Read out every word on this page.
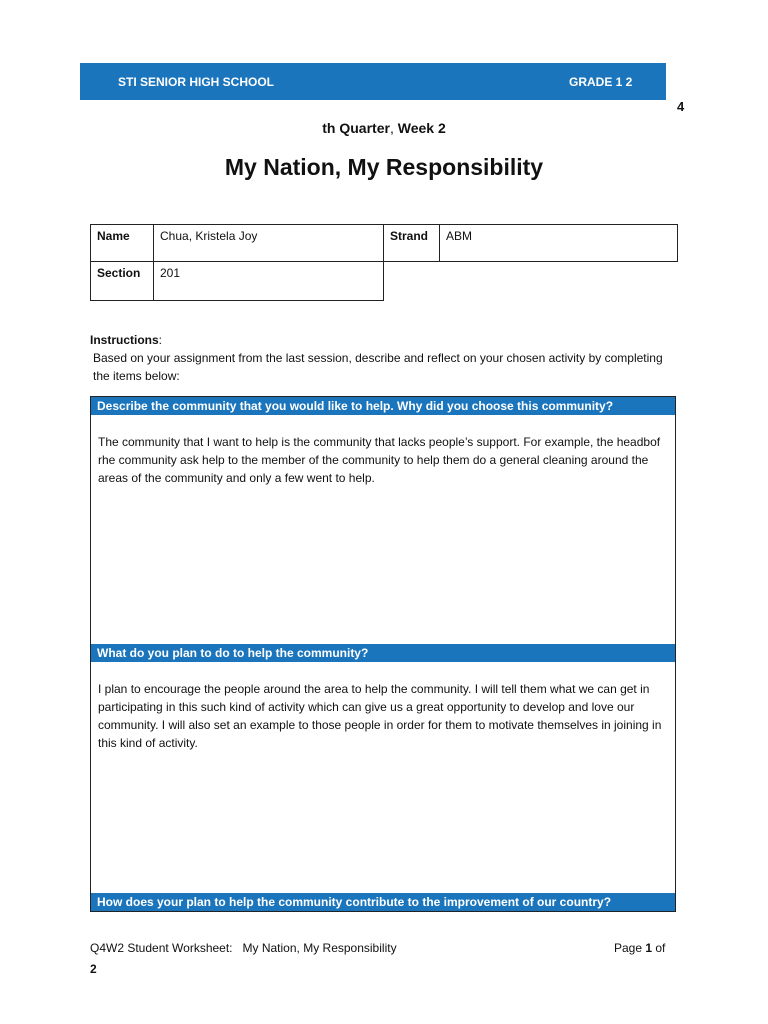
STI SENIOR HIGH SCHOOL	GRADE 1 2
4
th Quarter, Week 2
My Nation, My Responsibility
Name	Chua, Kristela Joy	Strand	ABM
Section	201		
Instructions:
Based on your assignment from the last session, describe and reflect on your chosen activity by completing the items below:
Describe the community that you would like to help. Why did you choose this community?
The community that I want to help is the community that lacks people’s support. For example, the headbof rhe community ask help to the member of the community to help them do a general cleaning around the areas of the community and only a few went to help.
What do you plan to do to help the community?
I plan to encourage the people around the area to help the community. I will tell them what we can get in participating in this such kind of activity which can give us a great opportunity to develop and love our community. I will also set an example to those people in order for them to motivate themselves in joining in this kind of activity.
How does your plan to help the community contribute to the improvement of our country?
Q4W2 Student Worksheet:   My Nation, My Responsibility	Page 1 of
2
